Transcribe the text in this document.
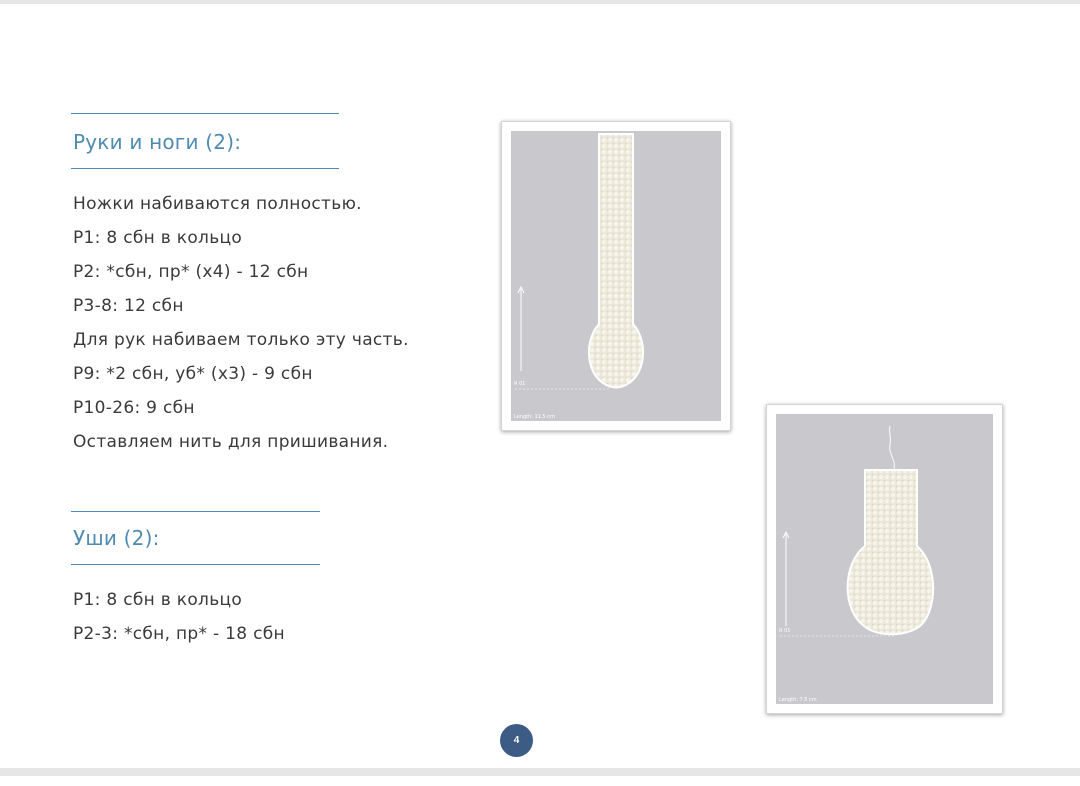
Руки и ноги (2):
Ножки набиваются полностью.
Р1: 8 сбн в кольцо
Р2: *сбн, пр* (х4) - 12 сбн
Р3-8: 12 сбн
Для рук набиваем только эту часть.
Р9: *2 сбн, уб* (х3) - 9 сбн
Р10-26: 9 сбн
Оставляем нить для пришивания.
Уши (2):
Р1: 8 сбн в кольцо
Р2-3: *сбн, пр* - 18 сбн
R 01
Length: 11.5 cm
R 01
Length: 7.5 cm
4
